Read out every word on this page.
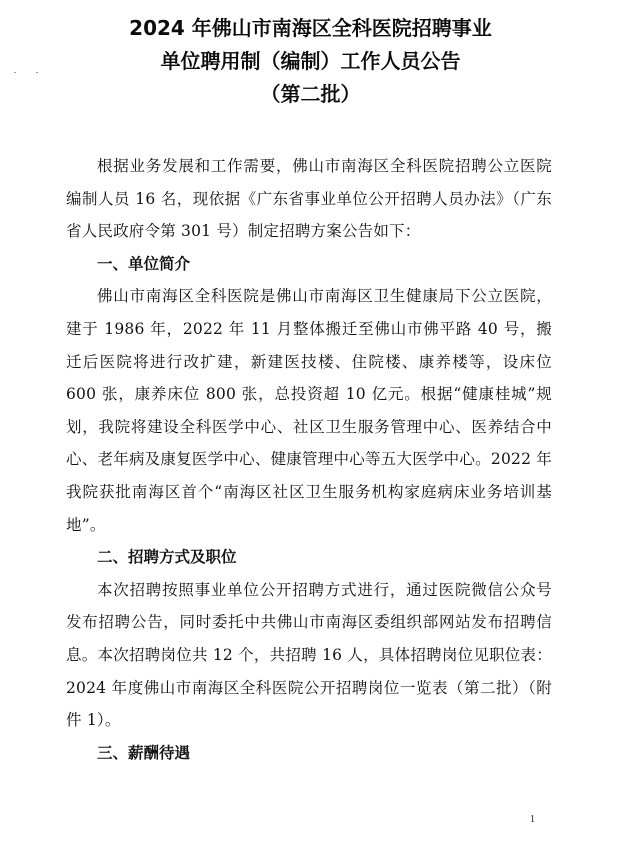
2024 年佛山市南海区全科医院招聘事业
单位聘用制（编制）工作人员公告
（第二批）

根据业务发展和工作需要，佛山市南海区全科医院招聘公立医院编制人员 16 名，现依据《广东省事业单位公开招聘人员办法》（广东省人民政府令第 301 号）制定招聘方案公告如下：

一、单位简介

佛山市南海区全科医院是佛山市南海区卫生健康局下公立医院，建于 1986 年，2022 年 11 月整体搬迁至佛山市佛平路 40 号，搬迁后医院将进行改扩建，新建医技楼、住院楼、康养楼等，设床位 600 张，康养床位 800 张，总投资超 10 亿元。根据“健康桂城”规划，我院将建设全科医学中心、社区卫生服务管理中心、医养结合中心、老年病及康复医学中心、健康管理中心等五大医学中心。2022 年我院获批南海区首个“南海区社区卫生服务机构家庭病床业务培训基地”。

二、招聘方式及职位

本次招聘按照事业单位公开招聘方式进行，通过医院微信公众号发布招聘公告，同时委托中共佛山市南海区委组织部网站发布招聘信息。本次招聘岗位共 12 个，共招聘 16 人，具体招聘岗位见职位表：2024 年度佛山市南海区全科医院公开招聘岗位一览表（第二批）（附件 1）。

三、薪酬待遇

1
